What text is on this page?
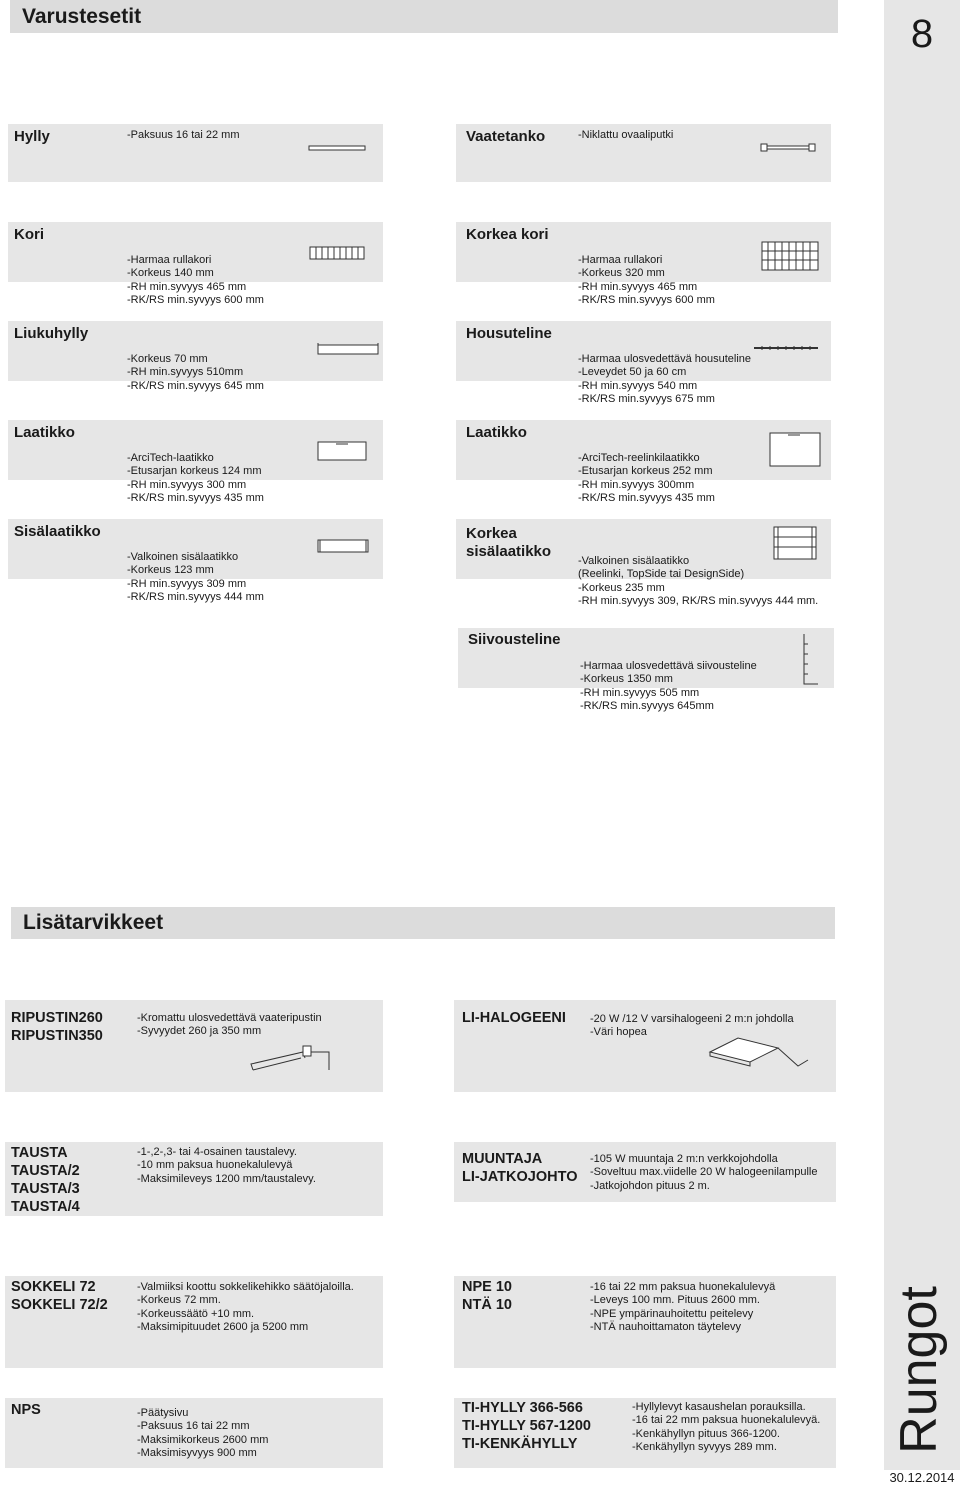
Varustesetit	8
Rungot
30.12.2014
Hylly	-Paksuus 16 tai 22 mm	Vaatetanko	-Niklattu ovaaliputki
Kori

-Harmaa rullakori
-Korkeus 140 mm
-RH min.syvyys 465 mm
-RK/RS min.syvyys 600 mm

Korkea kori

-Harmaa rullakori
-Korkeus 320 mm
-RH min.syvyys 465 mm
-RK/RS min.syvyys 600 mm

Liukuhylly

-Korkeus 70 mm
-RH min.syvyys 510mm
-RK/RS min.syvyys 645 mm

Housuteline

-Harmaa ulosvedettävä housuteline
-Leveydet 50 ja 60 cm
-RH min.syvyys 540 mm
-RK/RS min.syvyys 675 mm

Laatikko

-ArciTech-laatikko
-Etusarjan korkeus 124 mm
-RH min.syvyys 300 mm
-RK/RS min.syvyys 435 mm

Laatikko

-ArciTech-reelinkilaatikko
-Etusarjan korkeus 252 mm
-RH min.syvyys 300mm
-RK/RS min.syvyys 435 mm

Sisälaatikko

-Valkoinen sisälaatikko
-Korkeus 123 mm
-RH min.syvyys 309 mm
-RK/RS min.syvyys 444 mm

Korkea
sisälaatikko

-Valkoinen sisälaatikko
(Reelinki, TopSide tai DesignSide)
-Korkeus 235 mm
-RH min.syvyys 309, RK/RS min.syvyys 444 mm.

Siivousteline

-Harmaa ulosvedettävä siivousteline
-Korkeus 1350 mm
-RH min.syvyys 505 mm
-RK/RS min.syvyys 645mm

Lisätarvikkeet
RIPUSTIN260
RIPUSTIN350
-Kromattu ulosvedettävä vaateripustin
-Syvyydet 260 ja 350 mm
LI-HALOGEENI -20 W /12 V varsihalogeeni 2 m:n johdolla
-Väri hopea
TAUSTA
TAUSTA/2
TAUSTA/3
TAUSTA/4
-1-,2-,3- tai 4-osainen taustalevy.
-10 mm paksua huonekalulevyä
-Maksimileveys 1200 mm/taustalevy.
MUUNTAJA
LI-JATKOJOHTO
-105 W muuntaja 2 m:n verkkojohdolla
-Soveltuu max.viidelle 20 W halogeenilampulle
-Jatkojohdon pituus 2 m.
SOKKELI 72
SOKKELI 72/2
-Valmiiksi koottu sokkelikehikko säätöjaloilla.
-Korkeus 72 mm.
-Korkeussäätö +10 mm.
-Maksimipituudet 2600 ja 5200 mm
NPE 10
NTÄ 10
-16 tai 22 mm paksua huonekalulevyä
-Leveys 100 mm. Pituus 2600 mm.
-NPE ympärinauhoitettu peitelevy
-NTÄ nauhoittamaton täytelevy
NPS	-Päätysivu
-Paksuus 16 tai 22 mm
-Maksimikorkeus 2600 mm
-Maksimisyvyys 900 mm
TI-HYLLY 366-566
TI-HYLLY 567-1200
TI-KENKÄHYLLY
-Hyllylevyt kasaushelan porauksilla.
-16 tai 22 mm paksua huonekalulevyä.
-Kenkähyllyn pituus 366-1200.
-Kenkähyllyn syvyys 289 mm.
